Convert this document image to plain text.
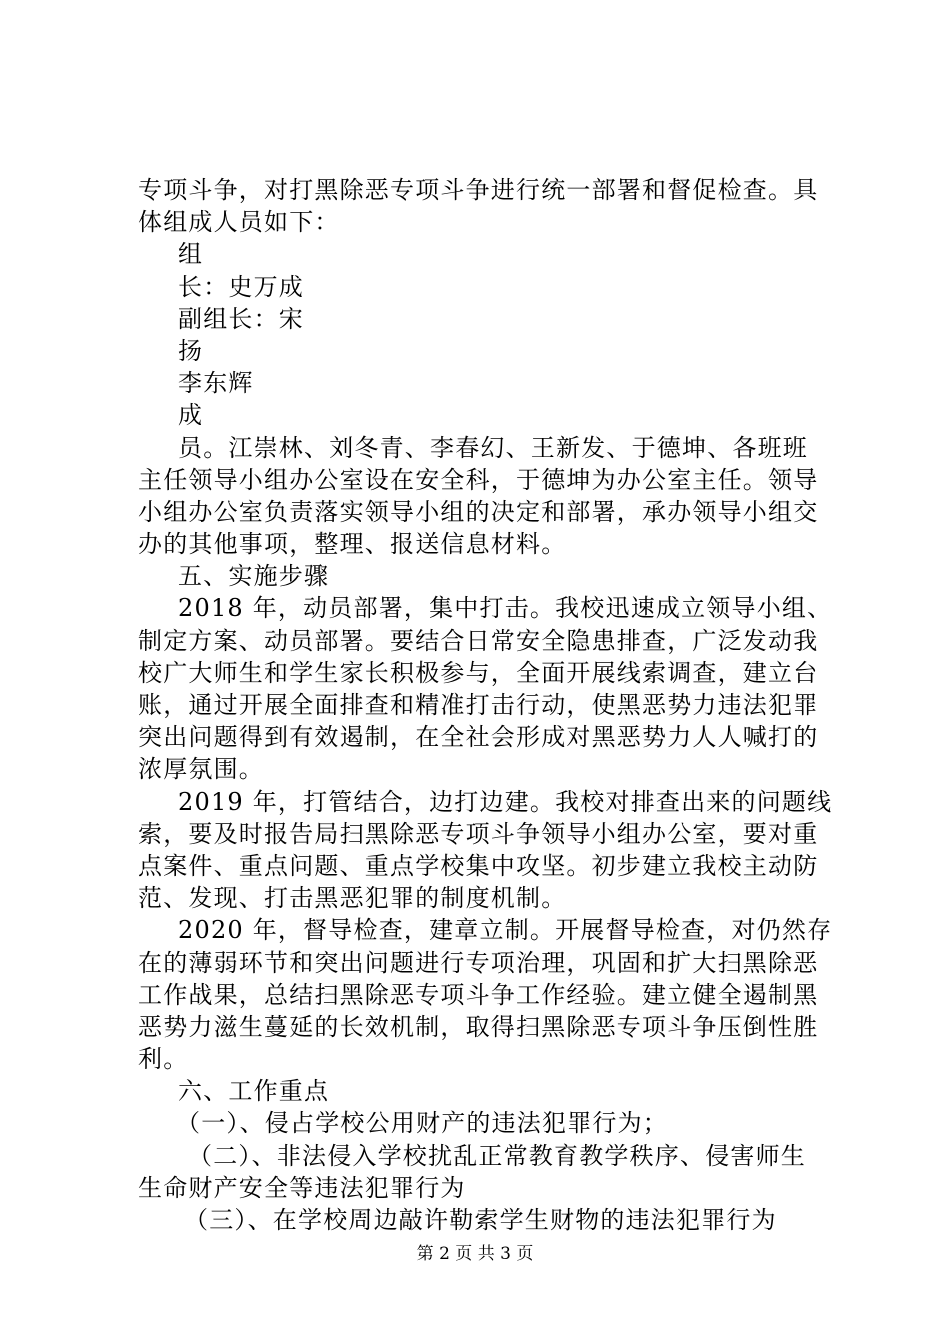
专项斗争，对打黑除恶专项斗争进行统一部署和督促检查。具
体组成人员如下：
组
长：史万成
副组长：宋
扬
李东辉
成
员。江崇林、刘冬青、李春幻、王新发、于德坤、各班班
主任领导小组办公室设在安全科，于德坤为办公室主任。领导
小组办公室负责落实领导小组的决定和部署，承办领导小组交
办的其他事项，整理、报送信息材料。
五、实施步骤
2018 年，动员部署，集中打击。我校迅速成立领导小组、
制定方案、动员部署。要结合日常安全隐患排查，广泛发动我
校广大师生和学生家长积极参与，全面开展线索调查，建立台
账，通过开展全面排查和精准打击行动，使黑恶势力违法犯罪
突出问题得到有效遏制，在全社会形成对黑恶势力人人喊打的
浓厚氛围。
2019 年，打管结合，边打边建。我校对排查出来的问题线
索，要及时报告局扫黑除恶专项斗争领导小组办公室，要对重
点案件、重点问题、重点学校集中攻坚。初步建立我校主动防
范、发现、打击黑恶犯罪的制度机制。
2020 年，督导检查，建章立制。开展督导检查，对仍然存
在的薄弱环节和突出问题进行专项治理，巩固和扩大扫黑除恶
工作战果，总结扫黑除恶专项斗争工作经验。建立健全遏制黑
恶势力滋生蔓延的长效机制，取得扫黑除恶专项斗争压倒性胜
利。
六、工作重点
（一）、侵占学校公用财产的违法犯罪行为；
（二）、非法侵入学校扰乱正常教育教学秩序、侵害师生
生命财产安全等违法犯罪行为
（三）、在学校周边敲许勒索学生财物的违法犯罪行为
第 2 页 共 3 页
